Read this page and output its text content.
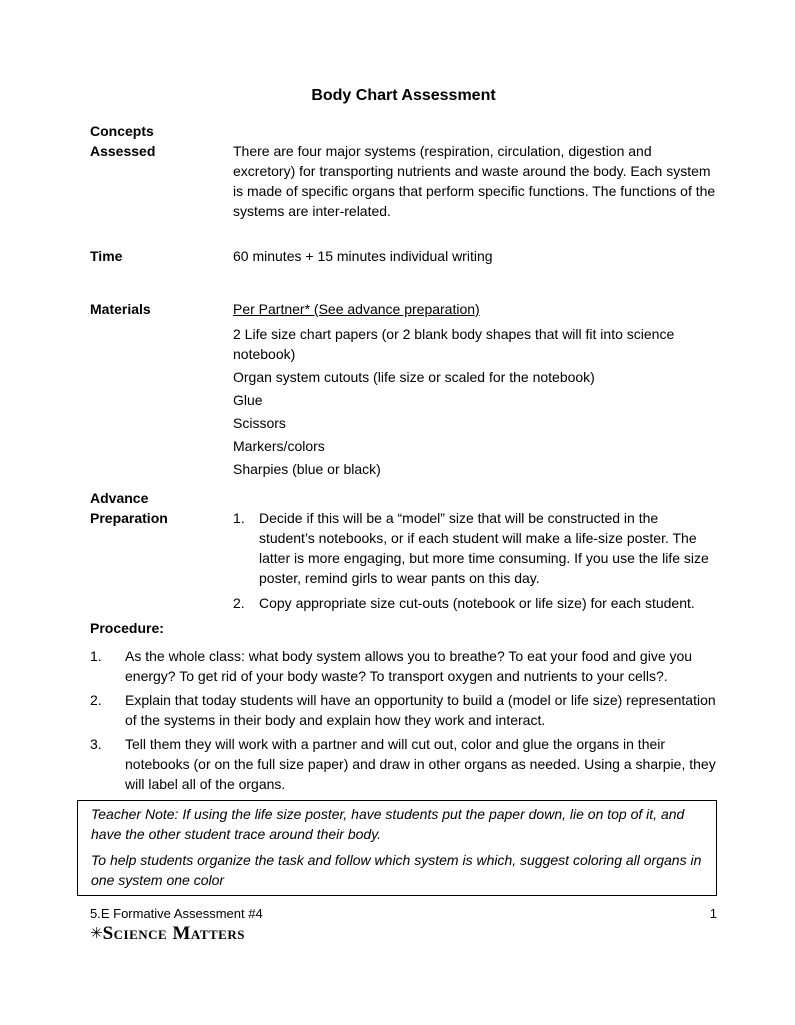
Body Chart Assessment
Concepts
Assessed	There are four major systems (respiration, circulation, digestion and excretory) for transporting nutrients and waste around the body. Each system is made of specific organs that perform specific functions. The functions of the systems are inter-related.
Time	60 minutes + 15 minutes individual writing
Materials	Per Partner* (See advance preparation)
2 Life size chart papers (or 2 blank body shapes that will fit into science notebook)
Organ system cutouts (life size or scaled for the notebook)
Glue
Scissors
Markers/colors
Sharpies (blue or black)
Advance
Preparation	1.	Decide if this will be a “model” size that will be constructed in the student’s notebooks, or if each student will make a life-size poster. The latter is more engaging, but more time consuming. If you use the life size poster, remind girls to wear pants on this day.
2.	Copy appropriate size cut-outs (notebook or life size) for each student.
Procedure:
1.	As the whole class: what body system allows you to breathe? To eat your food and give you energy? To get rid of your body waste? To transport oxygen and nutrients to your cells?.
2.	Explain that today students will have an opportunity to build a (model or life size) representation of the systems in their body and explain how they work and interact.
3.	Tell them they will work with a partner and will cut out, color and glue the organs in their notebooks (or on the full size paper) and draw in other organs as needed. Using a sharpie, they will label all of the organs.

Teacher Note: If using the life size poster, have students put the paper down, lie on top of it, and have the other student trace around their body.

To help students organize the task and follow which system is which, suggest coloring all organs in one system one color

5.E Formative Assessment #4	1
✳Science Matters
